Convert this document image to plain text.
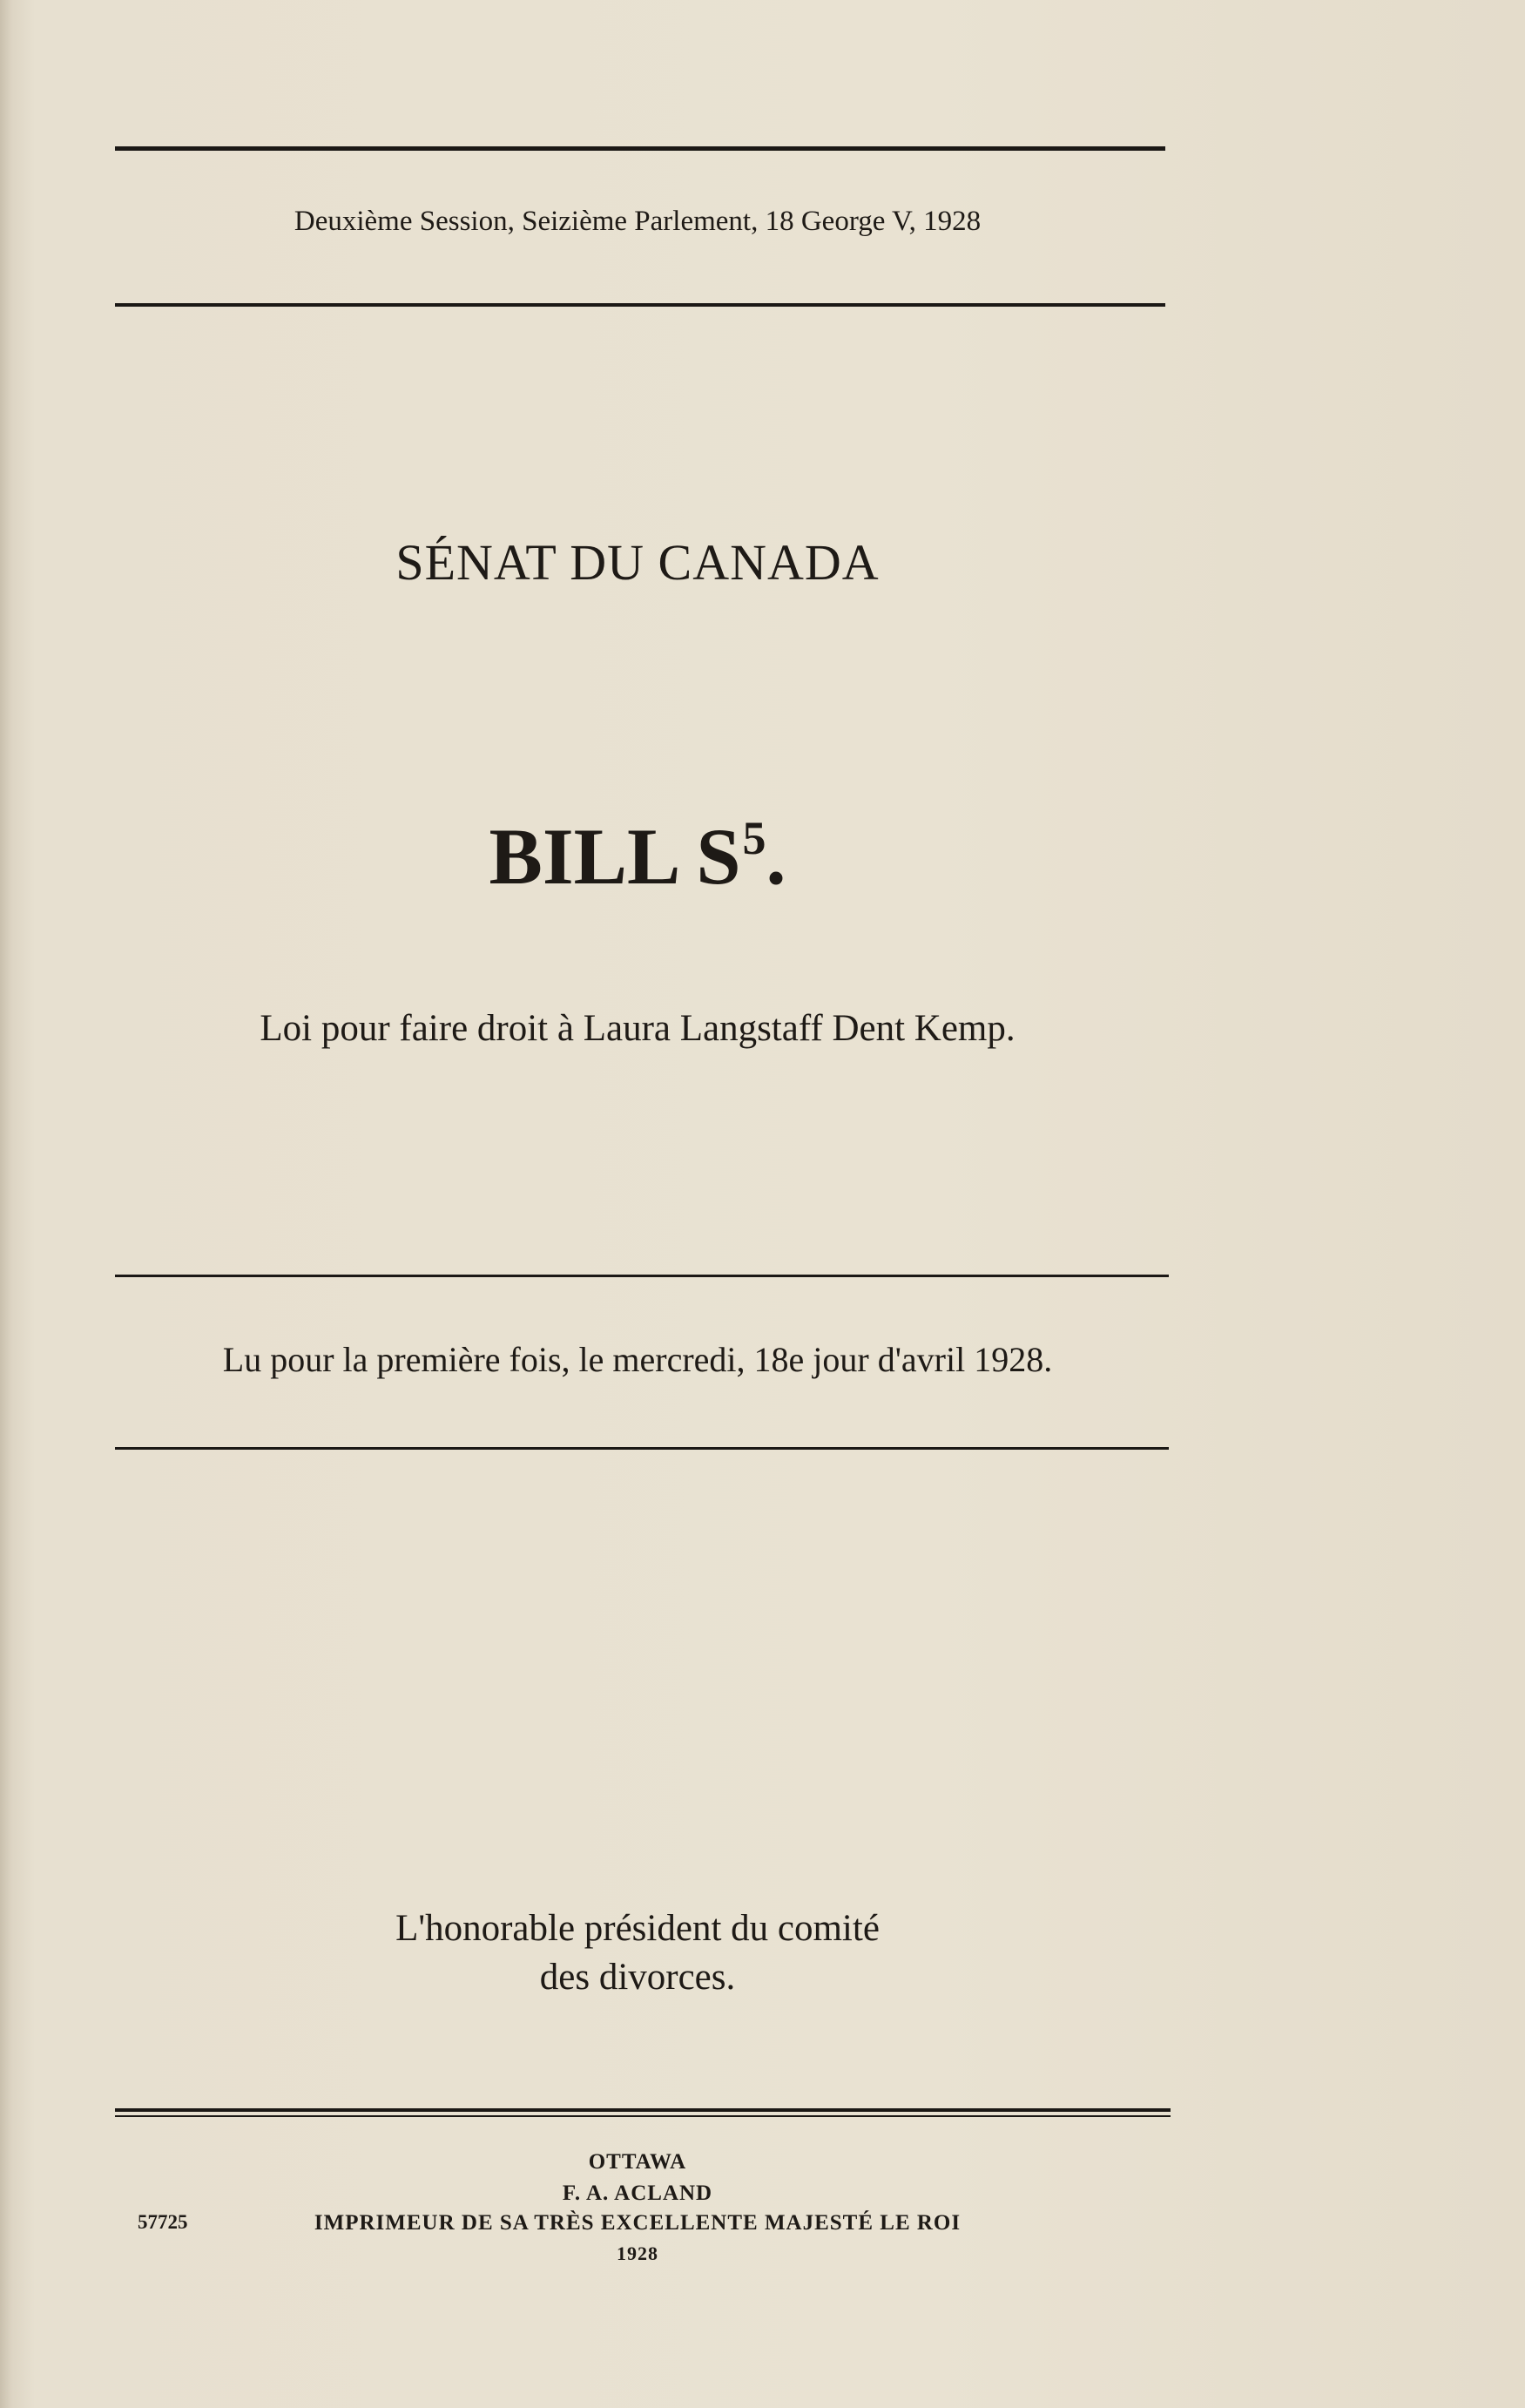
Deuxième Session, Seizième Parlement, 18 George V, 1928
SÉNAT DU CANADA
BILL $S^5$.
Loi pour faire droit à Laura Langstaff Dent Kemp.
Lu pour la première fois, le mercredi, 18e jour d'avril 1928.
L'honorable président du comité
des divorces.
OTTAWA
F. A. ACLAND
IMPRIMEUR DE SA TRÈS EXCELLENTE MAJESTÉ LE ROI
1928
57725
